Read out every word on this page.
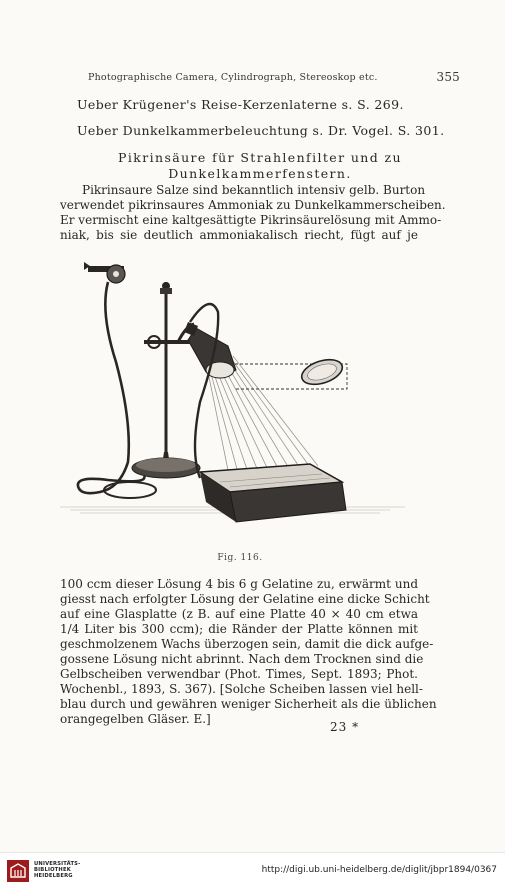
Photographische Camera, Cylindrograph, Stereoskop etc.	355
Ueber Krügener's Reise-Kerzenlaterne s. S. 269.
Ueber Dunkelkammerbeleuchtung s. Dr. Vogel. S. 301.
Pikrinsäure für Strahlenfilter und zu
Dunkelkammerfenstern.
Pikrinsaure Salze sind bekanntlich intensiv gelb. Burton
verwendet pikrinsaures Ammoniak zu Dunkelkammerscheiben.
Er vermischt eine kaltgesättigte Pikrinsäurelösung mit Ammo-
niak, bis sie deutlich ammoniakalisch riecht, fügt auf je
Fig. 116.
100 ccm dieser Lösung 4 bis 6 g Gelatine zu, erwärmt und
giesst nach erfolgter Lösung der Gelatine eine dicke Schicht
auf eine Glasplatte (z B. auf eine Platte 40 × 40 cm etwa
1/4 Liter bis 300 ccm); die Ränder der Platte können mit
geschmolzenem Wachs überzogen sein, damit die dick aufge-
gossene Lösung nicht abrinnt. Nach dem Trocknen sind die
Gelbscheiben verwendbar (Phot. Times, Sept. 1893; Phot.
Wochenbl., 1893, S. 367). [Solche Scheiben lassen viel hell-
blau durch und gewähren weniger Sicherheit als die üblichen
orangegelben Gläser. E.]
23 *
UNIVERSITÄTS-
BIBLIOTHEK
HEIDELBERG
http://digi.ub.uni-heidelberg.de/diglit/jbpr1894/0367
